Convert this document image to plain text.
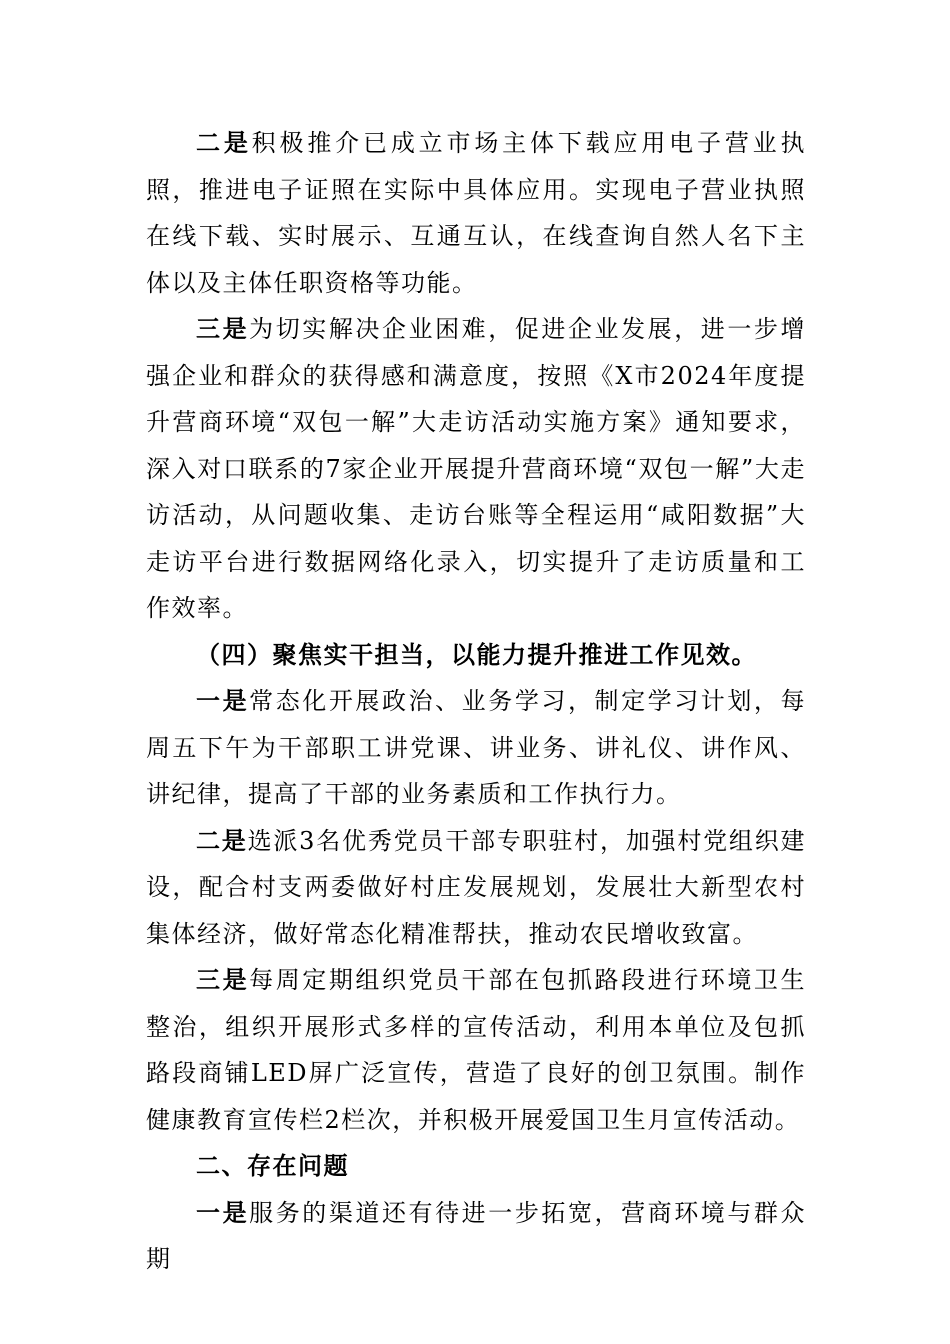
二是积极推介已成立市场主体下载应用电子营业执照，推进电子证照在实际中具体应用。实现电子营业执照在线下载、实时展示、互通互认，在线查询自然人名下主体以及主体任职资格等功能。

三是为切实解决企业困难，促进企业发展，进一步增强企业和群众的获得感和满意度，按照《X市2024年度提升营商环境“双包一解”大走访活动实施方案》通知要求，深入对口联系的7家企业开展提升营商环境“双包一解”大走访活动，从问题收集、走访台账等全程运用“咸阳数据”大走访平台进行数据网络化录入，切实提升了走访质量和工作效率。

（四）聚焦实干担当，以能力提升推进工作见效。

一是常态化开展政治、业务学习，制定学习计划，每周五下午为干部职工讲党课、讲业务、讲礼仪、讲作风、讲纪律，提高了干部的业务素质和工作执行力。

二是选派3名优秀党员干部专职驻村，加强村党组织建设，配合村支两委做好村庄发展规划，发展壮大新型农村集体经济，做好常态化精准帮扶，推动农民增收致富。

三是每周定期组织党员干部在包抓路段进行环境卫生整治，组织开展形式多样的宣传活动，利用本单位及包抓路段商铺LED屏广泛宣传，营造了良好的创卫氛围。制作健康教育宣传栏2栏次，并积极开展爱国卫生月宣传活动。

二、存在问题

一是服务的渠道还有待进一步拓宽，营商环境与群众期
